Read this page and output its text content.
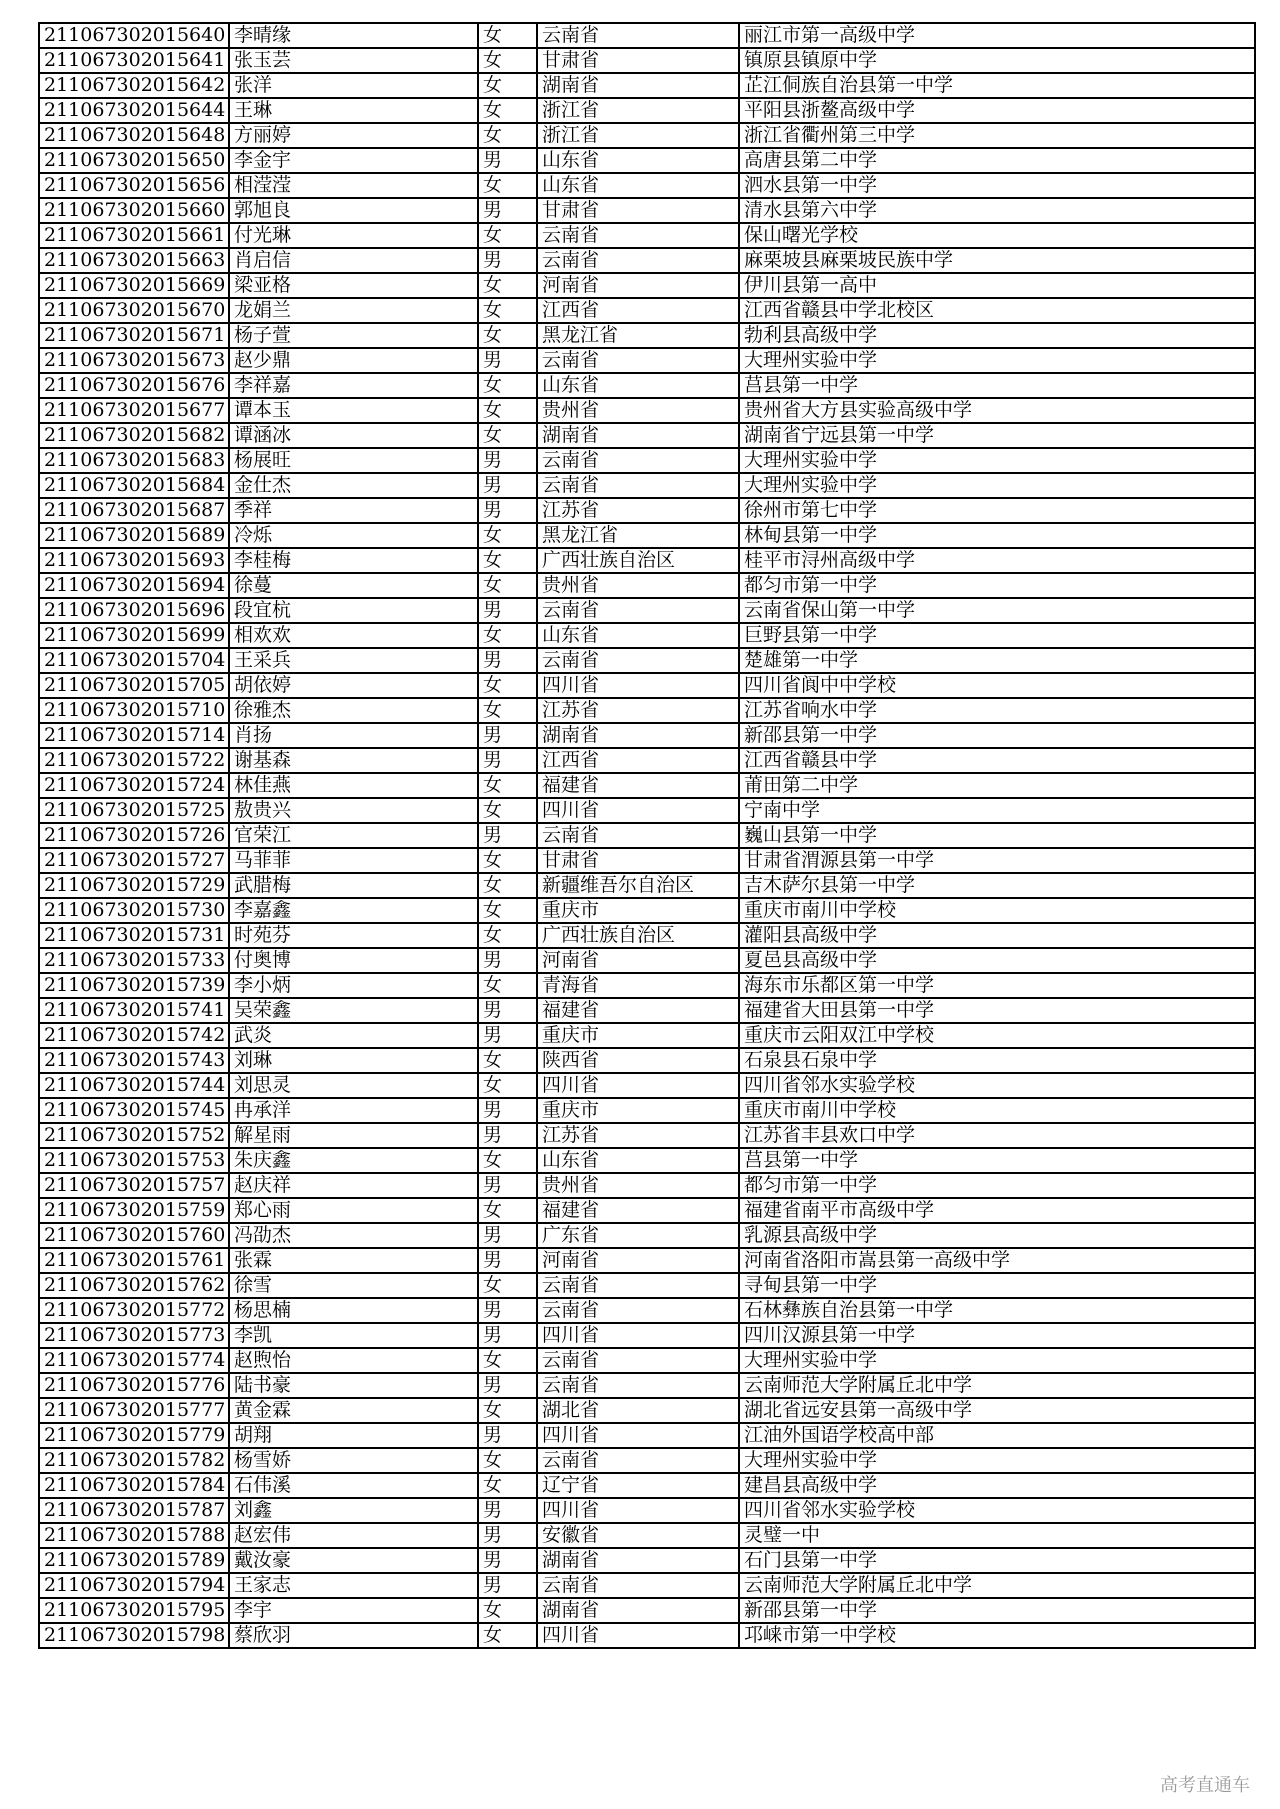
211067302015640	李晴缘	女	云南省	丽江市第一高级中学
211067302015641	张玉芸	女	甘肃省	镇原县镇原中学
211067302015642	张洋	女	湖南省	芷江侗族自治县第一中学
211067302015644	王琳	女	浙江省	平阳县浙鳌高级中学
211067302015648	方丽婷	女	浙江省	浙江省衢州第三中学
211067302015650	李金宇	男	山东省	高唐县第二中学
211067302015656	相滢滢	女	山东省	泗水县第一中学
211067302015660	郭旭良	男	甘肃省	清水县第六中学
211067302015661	付光琳	女	云南省	保山曙光学校
211067302015663	肖启信	男	云南省	麻栗坡县麻栗坡民族中学
211067302015669	梁亚格	女	河南省	伊川县第一高中
211067302015670	龙娟兰	女	江西省	江西省赣县中学北校区
211067302015671	杨子萱	女	黑龙江省	勃利县高级中学
211067302015673	赵少鼎	男	云南省	大理州实验中学
211067302015676	李祥嘉	女	山东省	莒县第一中学
211067302015677	谭本玉	女	贵州省	贵州省大方县实验高级中学
211067302015682	谭涵冰	女	湖南省	湖南省宁远县第一中学
211067302015683	杨展旺	男	云南省	大理州实验中学
211067302015684	金仕杰	男	云南省	大理州实验中学
211067302015687	季祥	男	江苏省	徐州市第七中学
211067302015689	冷烁	女	黑龙江省	林甸县第一中学
211067302015693	李桂梅	女	广西壮族自治区	桂平市浔州高级中学
211067302015694	徐蔓	女	贵州省	都匀市第一中学
211067302015696	段宜杭	男	云南省	云南省保山第一中学
211067302015699	相欢欢	女	山东省	巨野县第一中学
211067302015704	王采兵	男	云南省	楚雄第一中学
211067302015705	胡依婷	女	四川省	四川省阆中中学校
211067302015710	徐雅杰	女	江苏省	江苏省响水中学
211067302015714	肖扬	男	湖南省	新邵县第一中学
211067302015722	谢基森	男	江西省	江西省赣县中学
211067302015724	林佳燕	女	福建省	莆田第二中学
211067302015725	敖贵兴	女	四川省	宁南中学
211067302015726	官荣江	男	云南省	巍山县第一中学
211067302015727	马菲菲	女	甘肃省	甘肃省渭源县第一中学
211067302015729	武腊梅	女	新疆维吾尔自治区	吉木萨尔县第一中学
211067302015730	李嘉鑫	女	重庆市	重庆市南川中学校
211067302015731	时苑芬	女	广西壮族自治区	灌阳县高级中学
211067302015733	付奥博	男	河南省	夏邑县高级中学
211067302015739	李小炳	女	青海省	海东市乐都区第一中学
211067302015741	吴荣鑫	男	福建省	福建省大田县第一中学
211067302015742	武炎	男	重庆市	重庆市云阳双江中学校
211067302015743	刘琳	女	陕西省	石泉县石泉中学
211067302015744	刘思灵	女	四川省	四川省邻水实验学校
211067302015745	冉承洋	男	重庆市	重庆市南川中学校
211067302015752	解星雨	男	江苏省	江苏省丰县欢口中学
211067302015753	朱庆鑫	女	山东省	莒县第一中学
211067302015757	赵庆祥	男	贵州省	都匀市第一中学
211067302015759	郑心雨	女	福建省	福建省南平市高级中学
211067302015760	冯劭杰	男	广东省	乳源县高级中学
211067302015761	张霖	男	河南省	河南省洛阳市嵩县第一高级中学
211067302015762	徐雪	女	云南省	寻甸县第一中学
211067302015772	杨思楠	男	云南省	石林彝族自治县第一中学
211067302015773	李凯	男	四川省	四川汉源县第一中学
211067302015774	赵煦怡	女	云南省	大理州实验中学
211067302015776	陆书豪	男	云南省	云南师范大学附属丘北中学
211067302015777	黄金霖	女	湖北省	湖北省远安县第一高级中学
211067302015779	胡翔	男	四川省	江油外国语学校高中部
211067302015782	杨雪娇	女	云南省	大理州实验中学
211067302015784	石伟溪	女	辽宁省	建昌县高级中学
211067302015787	刘鑫	男	四川省	四川省邻水实验学校
211067302015788	赵宏伟	男	安徽省	灵璧一中
211067302015789	戴汝豪	男	湖南省	石门县第一中学
211067302015794	王家志	男	云南省	云南师范大学附属丘北中学
211067302015795	李宇	女	湖南省	新邵县第一中学
211067302015798	蔡欣羽	女	四川省	邛崃市第一中学校
高考直通车
